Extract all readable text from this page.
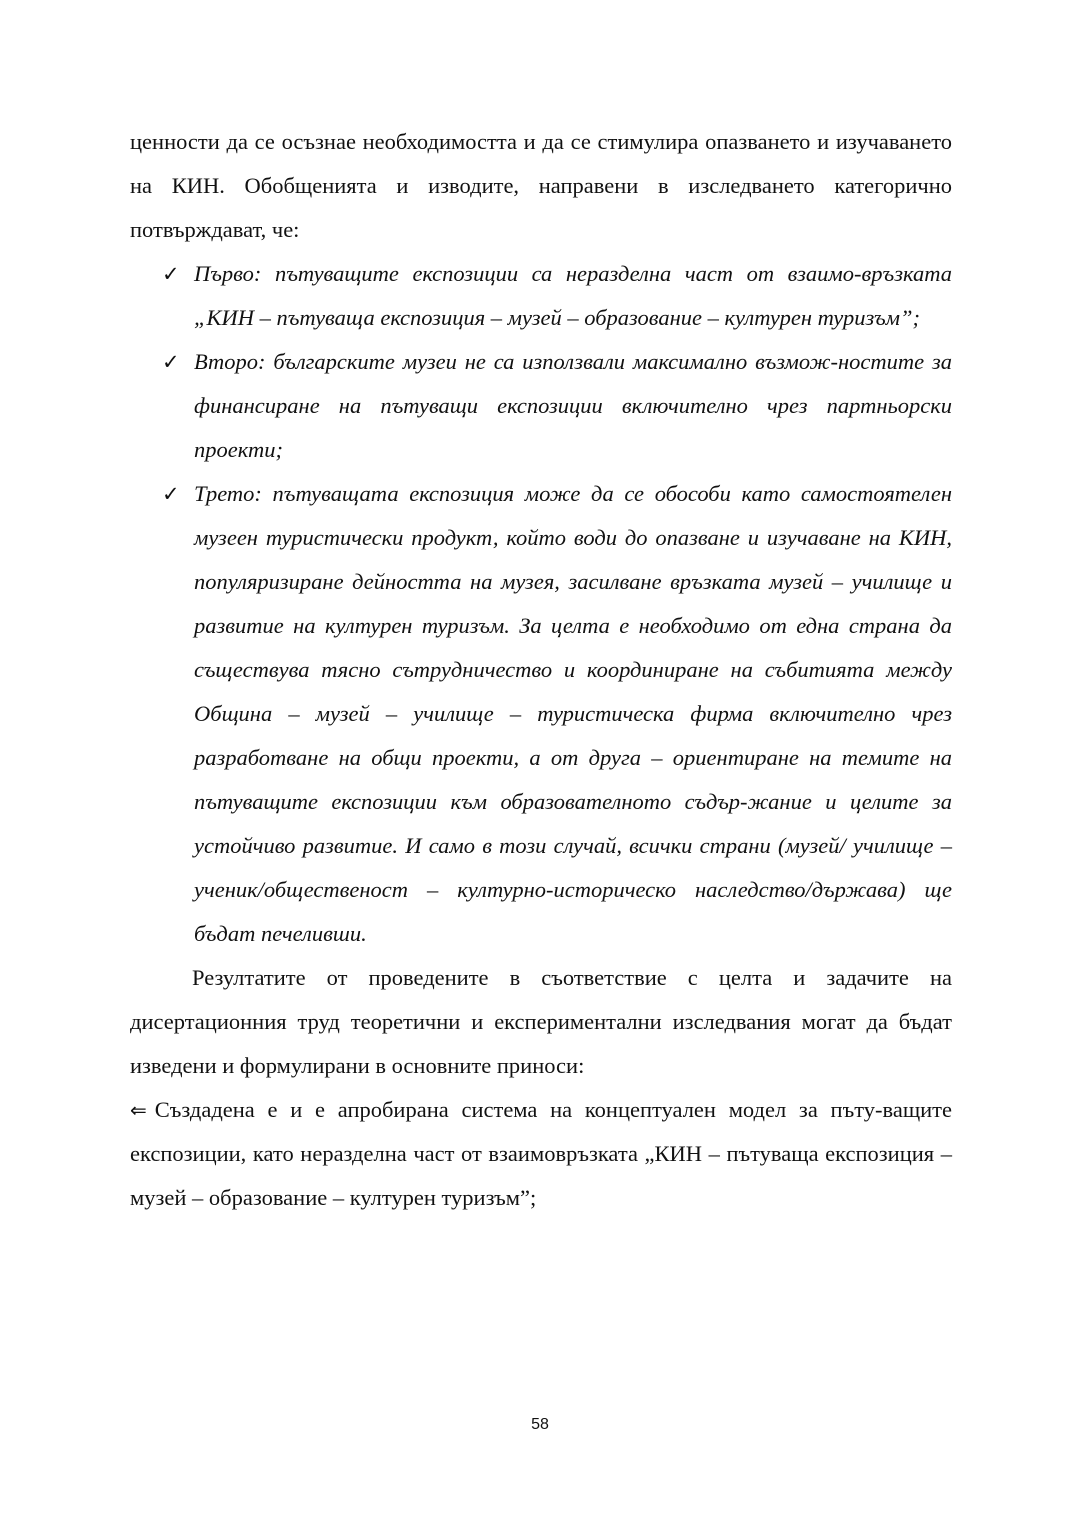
ценности да се осъзнае необходимостта и да се стимулира опазването и изучаването на КИН. Обобщенията и изводите, направени в изследването категорично потвърждават, че:

✓ Първо: пътуващите експозиции са неразделна част от взаимо-връзката „КИН – пътуваща експозиция – музей – образование – културен туризъм”;
✓ Второ: българските музеи не са използвали максимално възмож-ностите за финансиране на пътуващи експозиции включително чрез партньорски проекти;
✓ Трето: пътуващата експозиция може да се обособи като самостоятелен музеен туристически продукт, който води до опазване и изучаване на КИН, популяризиране дейността на музея, засилване връзката музей – училище и развитие на културен туризъм. За целта е необходимо от една страна да съществува тясно сътрудничество и координиране на събитията между Община – музей – училище – туристическа фирма включително чрез разработване на общи проекти, а от друга – ориентиране на темите на пътуващите експозиции към образователното съдър-жание и целите за устойчиво развитие. И само в този случай, всички страни (музей/ училище – ученик/общественост – културно-историческо наследство/държава) ще бъдат печеливши.

Резултатите от проведените в съответствие с целта и задачите на дисертационния труд теоретични и експериментални изследвания могат да бъдат изведени и формулирани в основните приноси:

⇐ Създадена е и е апробирана система на концептуален модел за пъту-ващите експозиции, като неразделна част от взаимовръзката „КИН – пътуваща експозиция – музей – образование – културен туризъм”;

58
